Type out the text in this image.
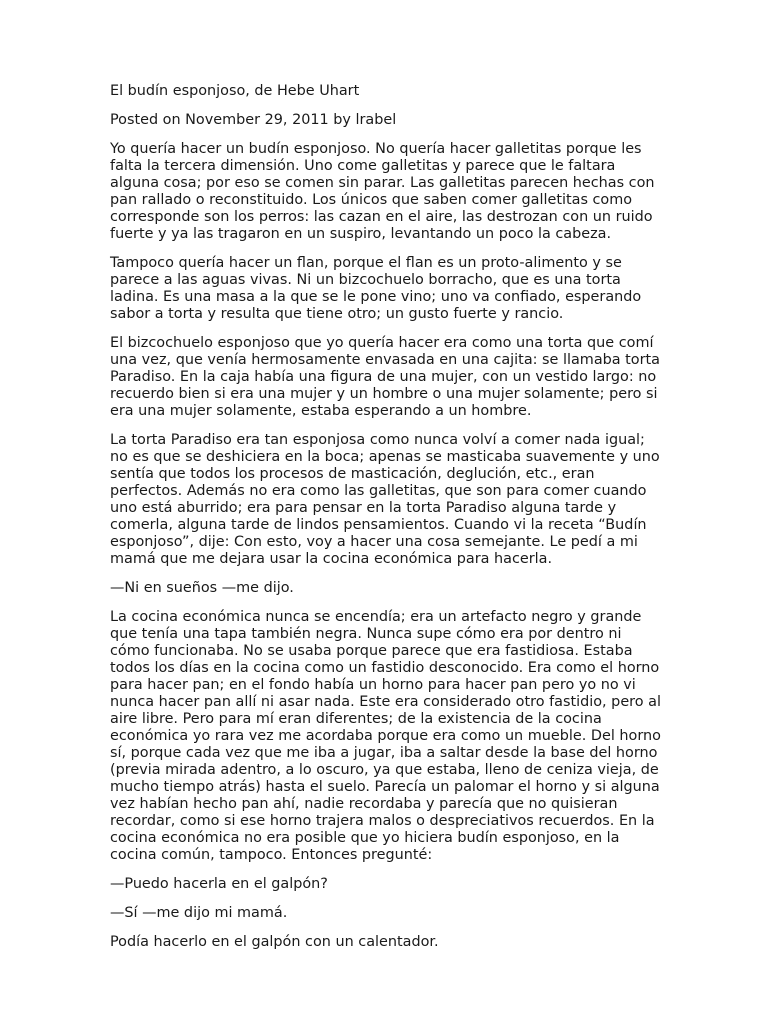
El budín esponjoso, de Hebe Uhart

Posted on November 29, 2011 by lrabel

Yo quería hacer un budín esponjoso. No quería hacer galletitas porque les falta la tercera dimensión. Uno come galletitas y parece que le faltara alguna cosa; por eso se comen sin parar. Las galletitas parecen hechas con pan rallado o reconstituido. Los únicos que saben comer galletitas como corresponde son los perros: las cazan en el aire, las destrozan con un ruido fuerte y ya las tragaron en un suspiro, levantando un poco la cabeza.

Tampoco quería hacer un flan, porque el flan es un proto-alimento y se parece a las aguas vivas. Ni un bizcochuelo borracho, que es una torta ladina. Es una masa a la que se le pone vino; uno va confiado, esperando sabor a torta y resulta que tiene otro; un gusto fuerte y rancio.

El bizcochuelo esponjoso que yo quería hacer era como una torta que comí una vez, que venía hermosamente envasada en una cajita: se llamaba torta Paradiso. En la caja había una figura de una mujer, con un vestido largo: no recuerdo bien si era una mujer y un hombre o una mujer solamente; pero si era una mujer solamente, estaba esperando a un hombre.

La torta Paradiso era tan esponjosa como nunca volví a comer nada igual; no es que se deshiciera en la boca; apenas se masticaba suavemente y uno sentía que todos los procesos de masticación, deglución, etc., eran perfectos. Además no era como las galletitas, que son para comer cuando uno está aburrido; era para pensar en la torta Paradiso alguna tarde y comerla, alguna tarde de lindos pensamientos. Cuando vi la receta “Budín esponjoso”, dije: Con esto, voy a hacer una cosa semejante. Le pedí a mi mamá que me dejara usar la cocina económica para hacerla.

—Ni en sueños —me dijo.

La cocina económica nunca se encendía; era un artefacto negro y grande que tenía una tapa también negra. Nunca supe cómo era por dentro ni cómo funcionaba. No se usaba porque parece que era fastidiosa. Estaba todos los días en la cocina como un fastidio desconocido. Era como el horno para hacer pan; en el fondo había un horno para hacer pan pero yo no vi nunca hacer pan allí ni asar nada. Este era considerado otro fastidio, pero al aire libre. Pero para mí eran diferentes; de la existencia de la cocina económica yo rara vez me acordaba porque era como un mueble. Del horno sí, porque cada vez que me iba a jugar, iba a saltar desde la base del horno (previa mirada adentro, a lo oscuro, ya que estaba, lleno de ceniza vieja, de mucho tiempo atrás) hasta el suelo. Parecía un palomar el horno y si alguna vez habían hecho pan ahí, nadie recordaba y parecía que no quisieran recordar, como si ese horno trajera malos o despreciativos recuerdos. En la cocina económica no era posible que yo hiciera budín esponjoso, en la cocina común, tampoco. Entonces pregunté:

—Puedo hacerla en el galpón?

—Sí —me dijo mi mamá.

Podía hacerlo en el galpón con un calentador.
